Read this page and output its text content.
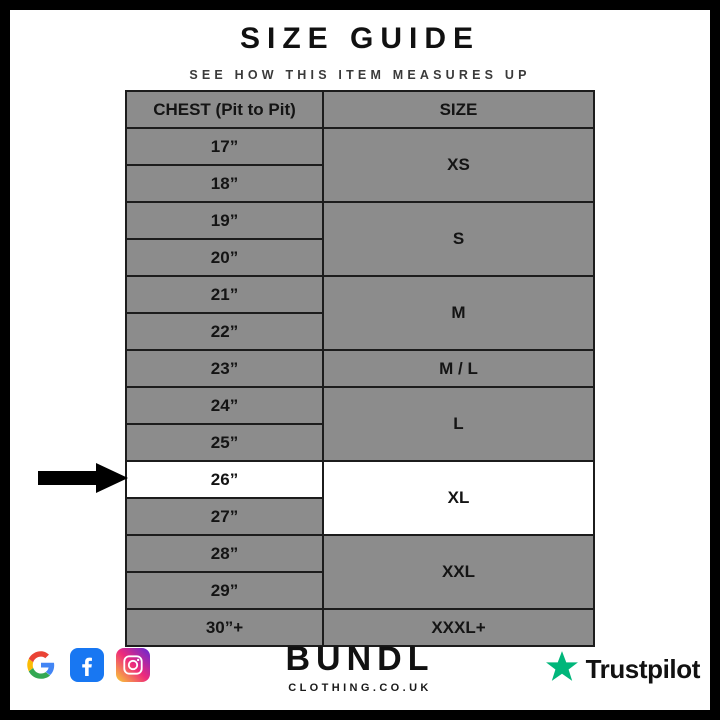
SIZE GUIDE
SEE HOW THIS ITEM MEASURES UP
CHEST (Pit to Pit)	SIZE
17”	XS
18”	
19”	S
20”	
21”	M
22”	
23”	M / L
24”	L
25”	
26”	XL
27”	
28”	XXL
29”	
30”+	XXXL+
BUNDL
CLOTHING.CO.UK
Trustpilot
